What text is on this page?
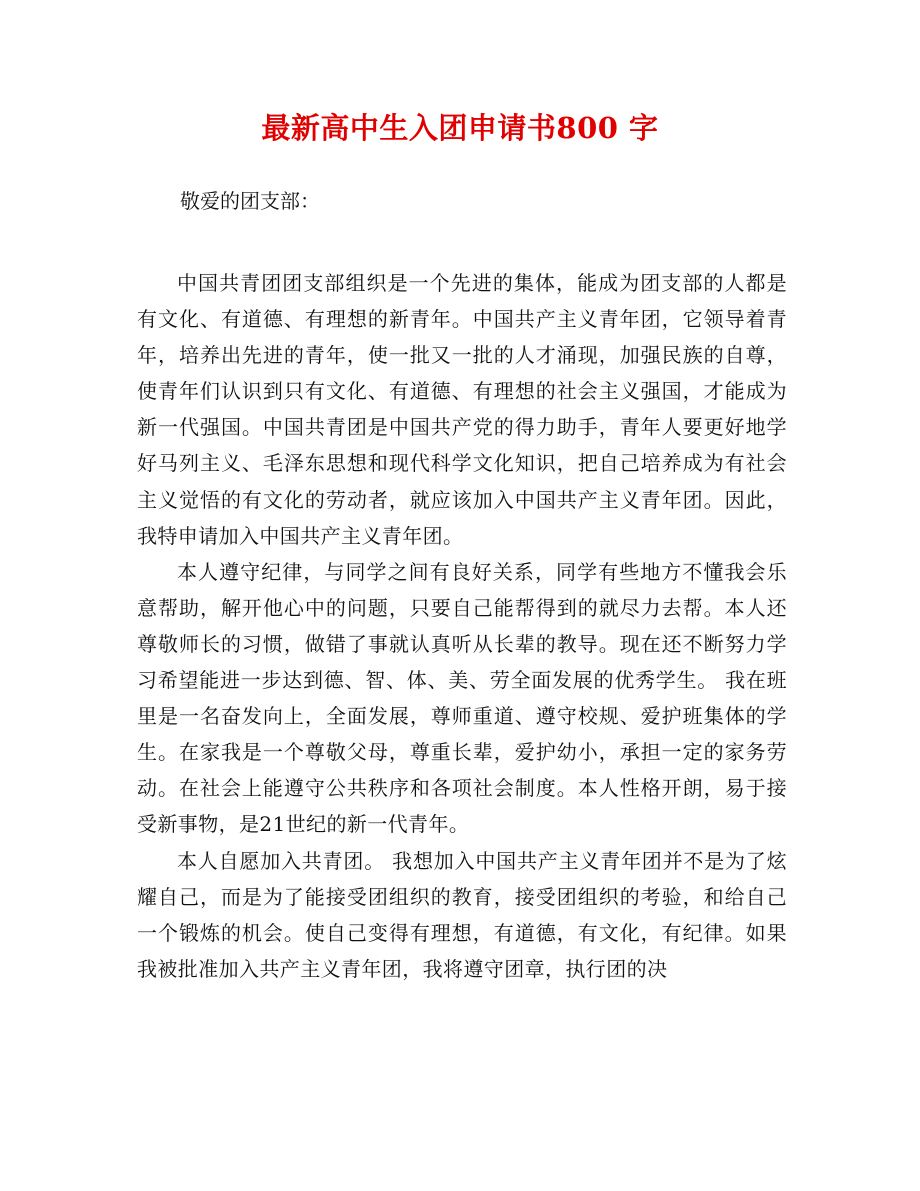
最新高中生入团申请书800 字

敬爱的团支部：

中国共青团团支部组织是一个先进的集体，能成为团支部的人都是有文化、有道德、有理想的新青年。中国共产主义青年团，它领导着青年，培养出先进的青年，使一批又一批的人才涌现，加强民族的自尊，使青年们认识到只有文化、有道德、有理想的社会主义强国，才能成为新一代强国。中国共青团是中国共产党的得力助手，青年人要更好地学好马列主义、毛泽东思想和现代科学文化知识，把自己培养成为有社会主义觉悟的有文化的劳动者，就应该加入中国共产主义青年团。因此，我特申请加入中国共产主义青年团。

本人遵守纪律，与同学之间有良好关系，同学有些地方不懂我会乐意帮助，解开他心中的问题，只要自己能帮得到的就尽力去帮。本人还尊敬师长的习惯，做错了事就认真听从长辈的教导。现在还不断努力学习希望能进一步达到德、智、体、美、劳全面发展的优秀学生。 我在班里是一名奋发向上，全面发展，尊师重道、遵守校规、爱护班集体的学生。在家我是一个尊敬父母，尊重长辈，爱护幼小，承担一定的家务劳动。在社会上能遵守公共秩序和各项社会制度。本人性格开朗，易于接受新事物，是21世纪的新一代青年。

本人自愿加入共青团。 我想加入中国共产主义青年团并不是为了炫耀自己，而是为了能接受团组织的教育，接受团组织的考验，和给自己一个锻炼的机会。使自己变得有理想，有道德，有文化，有纪律。如果我被批准加入共产主义青年团，我将遵守团章，执行团的决
